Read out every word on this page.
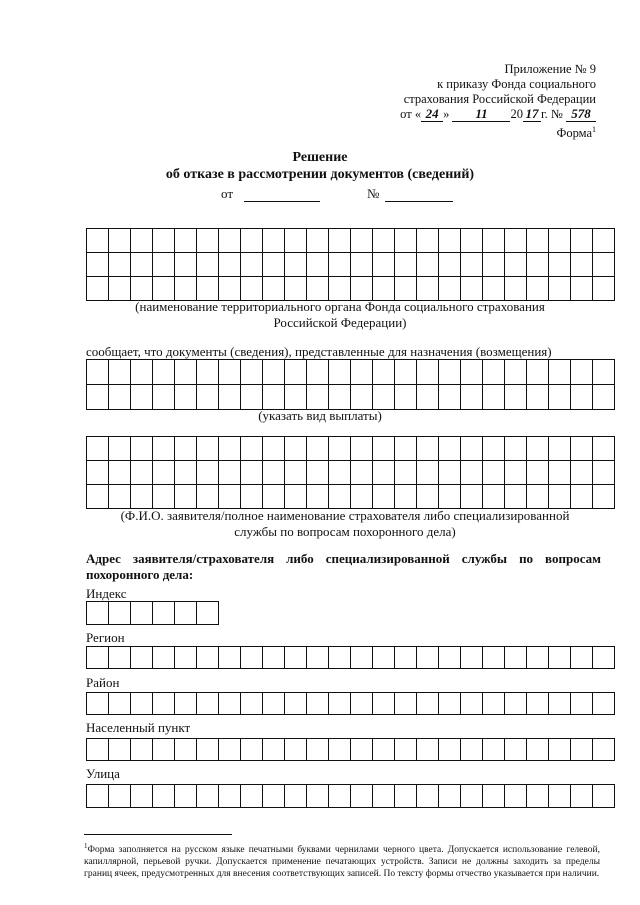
Приложение № 9
к приказу Фонда социального
страхования Российской Федерации
от « 24 » 11 20 17 г. № 578
Форма$^1$
Решение
об отказе в рассмотрении документов (сведений)
от	№

(наименование территориального органа Фонда социального страхования Российской Федерации)
сообщает, что документы (сведения), представленные для назначения (возмещения)

(указать вид выплаты)

(Ф.И.О. заявителя/полное наименование страхователя либо специализированной службы по вопросам похоронного дела)
Адрес заявителя/страхователя либо специализированной службы по вопросам похоронного дела:
Индекс

Регион

Район

Населенный пункт

Улица

$^1$Форма заполняется на русском языке печатными буквами чернилами черного цвета. Допускается использование гелевой, капиллярной, перьевой ручки. Допускается применение печатающих устройств. Записи не должны заходить за пределы границ ячеек, предусмотренных для внесения соответствующих записей. По тексту формы отчество указывается при наличии.
